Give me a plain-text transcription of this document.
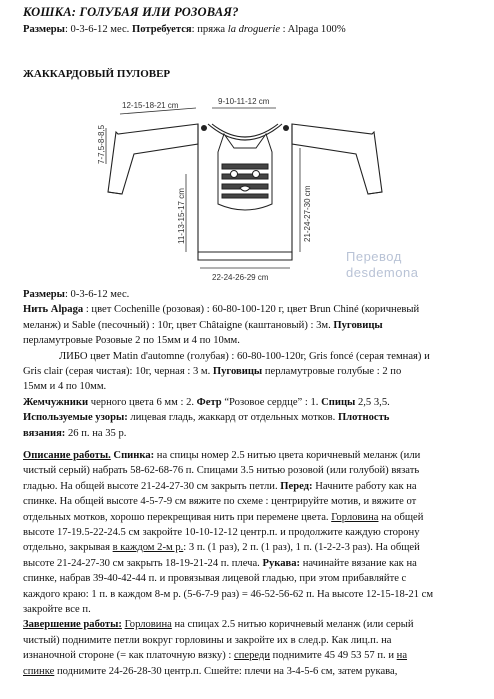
КОШКА: ГОЛУБАЯ ИЛИ РОЗОВАЯ?
Размеры: 0-3-6-12 мес. Потребуется: пряжа la droguerie : Alpaga 100%
ЖАККАРДОВЫЙ ПУЛОВЕР
12-15-18-21 cm	9-10-11-12 cm
7-7,5-8-8,5
11-13-15-17 cm	21-24-27-30 cm
22-24-26-29 cm
Перевод
desdemona

Размеры: 0-3-6-12 мес.

Нить Alpaga : цвет Cochenille (розовая) : 60-80-100-120 г, цвет Brun Chiné (коричневый

меланж) и Sable (песочный) : 10г, цвет Châtaigne (каштановый) : 3м. Пуговицы

перламутровые Розовые 2 по 15мм и 4 по 10мм.

ЛИБО цвет Matin d'automne (голубая) : 60-80-100-120г, Gris foncé (серая темная) и

Gris clair (серая чистая): 10г, черная : 3 м. Пуговицы перламутровые голубые : 2 по

15мм и 4 по 10мм.

Жемчужники черного цвета 6 мм : 2. Фетр “Розовое сердце” : 1. Спицы 2,5 3,5.

Используемые узоры: лицевая гладь, жаккард от отдельных мотков. Плотность

вязания: 26 п. на 35 р.

Описание работы. Спинка: на спицы номер 2.5 нитью цвета коричневый меланж (или

чистый серый) набрать 58-62-68-76 п. Спицами 3.5 нитью розовой (или голубой) вязать

гладью. На общей высоте 21-24-27-30 см закрыть петли. Перед: Начните работу как на

спинке. На общей высоте 4-5-7-9 см вяжите по схеме : центрируйте мотив, и вяжите от

отдельных мотков, хорошо перекрещивая нить при перемене цвета. Горловина на общей

высоте 17-19.5-22-24.5 см закройте 10-10-12-12 центр.п. и продолжите каждую сторону

отдельно, закрывая в каждом 2-м р.: 3 п. (1 раз), 2 п. (1 раз), 1 п. (1-2-2-3 раз). На общей

высоте 21-24-27-30 см закрыть 18-19-21-24 п. плеча. Рукава: начинайте вязание как на

спинке, набрав 39-40-42-44 п. и провязывая лицевой гладью, при этом прибавляйте с

каждого краю: 1 п. в каждом 8-м р. (5-6-7-9 раз) = 46-52-56-62 п. На высоте 12-15-18-21 см

закройте все п.

Завершение работы: Горловина на спицах 2.5 нитью коричневый меланж (или серый

чистый) поднимите петли вокруг горловины и закройте их в след.р. Как лиц.п. на

изнаночной стороне (= как платочную вязку) : спереди поднимите 45 49 53 57 п. и на

спинке поднимите 24-26-28-30 центр.п. Сшейте: плечи на 3-4-5-6 см, затем рукава,
